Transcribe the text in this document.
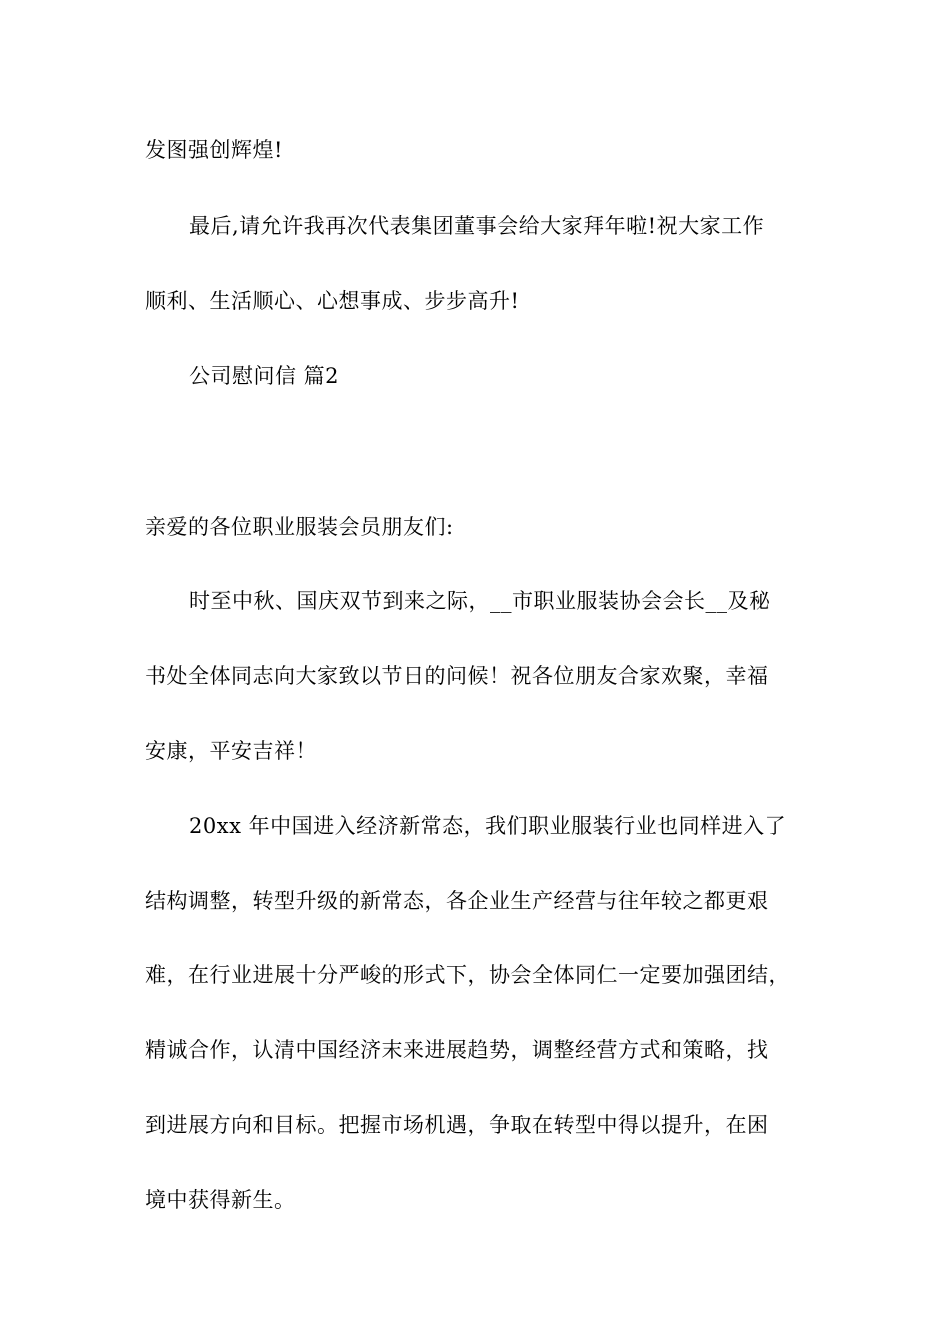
发图强创辉煌!
最后,请允许我再次代表集团董事会给大家拜年啦!祝大家工作
顺利、生活顺心、心想事成、步步高升!
公司慰问信 篇2
亲爱的各位职业服装会员朋友们:
时至中秋、国庆双节到来之际，__市职业服装协会会长__及秘
书处全体同志向大家致以节日的问候！祝各位朋友合家欢聚，幸福
安康，平安吉祥！
20xx 年中国进入经济新常态，我们职业服装行业也同样进入了
结构调整，转型升级的新常态，各企业生产经营与往年较之都更艰
难，在行业进展十分严峻的形式下，协会全体同仁一定要加强团结，
精诚合作，认清中国经济末来进展趋势，调整经营方式和策略，找
到进展方向和目标。把握市场机遇，争取在转型中得以提升，在困
境中获得新生。
